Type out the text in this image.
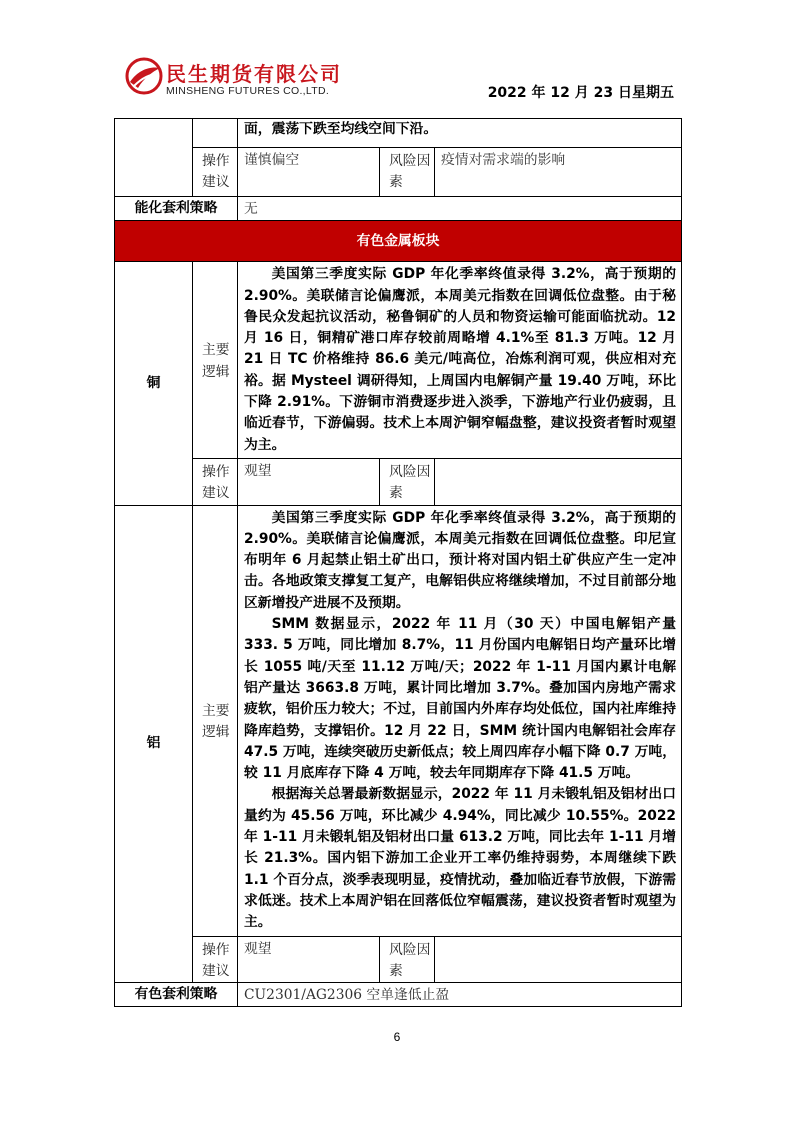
民生期货有限公司
MINSHENG FUTURES CO.,LTD.	2022 年 12 月 23 日星期五
		面，震荡下跌至均线空间下沿。		
	操作建议	谨慎偏空	风险因素	疫情对需求端的影响
能化套利策略		无		
有色金属板块				
铜	主要逻辑	美国第三季度实际 GDP 年化季率终值录得 3.2%，高于预期的 2.90%。美联储言论偏鹰派，本周美元指数在回调低位盘整。由于秘鲁民众发起抗议活动，秘鲁铜矿的人员和物资运输可能面临扰动。12 月 16 日，铜精矿港口库存较前周略增 4.1%至 81.3 万吨。12 月 21 日 TC 价格维持 86.6 美元/吨高位，冶炼利润可观，供应相对充裕。据 Mysteel 调研得知，上周国内电解铜产量 19.40 万吨，环比下降 2.91%。下游铜市消费逐步进入淡季，下游地产行业仍疲弱，且临近春节，下游偏弱。技术上本周沪铜窄幅盘整，建议投资者暂时观望为主。		

	操作建议	观望	风险因素	
铝	主要逻辑	美国第三季度实际 GDP 年化季率终值录得 3.2%，高于预期的 2.90%。美联储言论偏鹰派，本周美元指数在回调低位盘整。印尼宣布明年 6 月起禁止铝土矿出口，预计将对国内铝土矿供应产生一定冲击。各地政策支撑复工复产，电解铝供应将继续增加，不过目前部分地区新增投产进展不及预期。

SMM 数据显示，2022 年 11 月（30 天）中国电解铝产量 333. 5 万吨，同比增加 8.7%，11 月份国内电解铝日均产量环比增长 1055 吨/天至 11.12 万吨/天；2022 年 1-11 月国内累计电解铝产量达 3663.8 万吨，累计同比增加 3.7%。叠加国内房地产需求疲软，铝价压力较大；不过，目前国内外库存均处低位，国内社库维持降库趋势，支撑铝价。12 月 22 日，SMM 统计国内电解铝社会库存 47.5 万吨，连续突破历史新低点；较上周四库存小幅下降 0.7 万吨，较 11 月底库存下降 4 万吨，较去年同期库存下降 41.5 万吨。

根据海关总署最新数据显示，2022 年 11 月未锻轧铝及铝材出口量约为 45.56 万吨，环比减少 4.94%，同比减少 10.55%。2022 年 1-11 月未锻轧铝及铝材出口量 613.2 万吨，同比去年 1-11 月增长 21.3%。国内铝下游加工企业开工率仍维持弱势，本周继续下跌 1.1 个百分点，淡季表现明显，疫情扰动，叠加临近春节放假，下游需求低迷。技术上本周沪铝在回落低位窄幅震荡，建议投资者暂时观望为主。		

	操作建议	观望	风险因素	
有色套利策略		CU2301/AG2306 空单逢低止盈		
6
